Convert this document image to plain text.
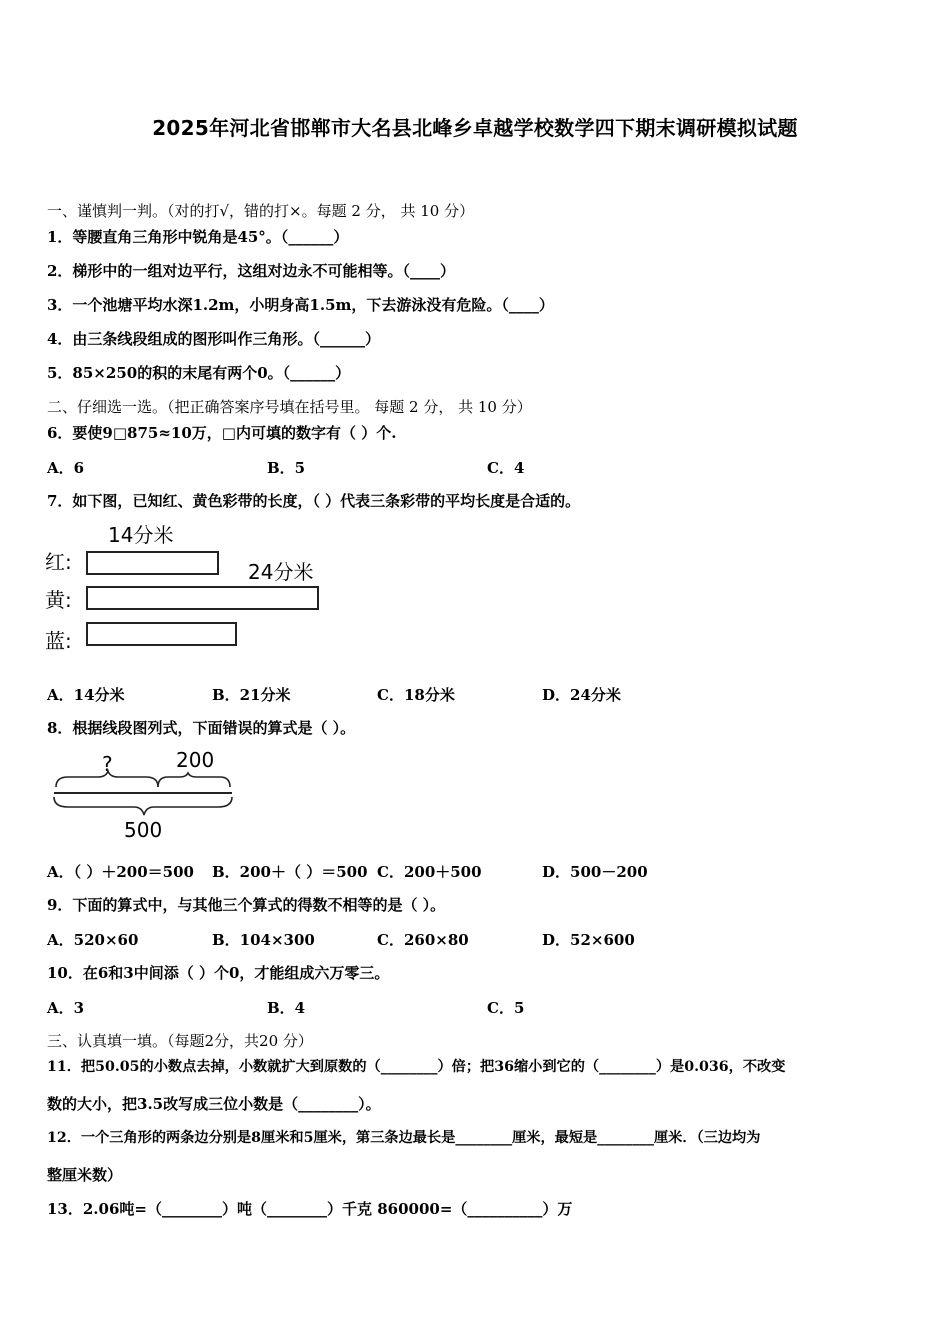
2025年河北省邯郸市大名县北峰乡卓越学校数学四下期末调研模拟试题
一、谨慎判一判。（对的打√，错的打×。每题 2 分， 共 10 分）
1．等腰直角三角形中锐角是45°。（______）
2．梯形中的一组对边平行，这组对边永不可能相等。（____）
3．一个池塘平均水深1.2m，小明身高1.5m，下去游泳没有危险。（____）
4．由三条线段组成的图形叫作三角形。（______）
5．85×250的积的末尾有两个0。（______）
二、仔细选一选。（把正确答案序号填在括号里。 每题 2 分， 共 10 分）
6．要使9□875≈10万，□内可填的数字有（ ）个.
A．6	B．5	C．4
7．如下图，已知红、黄色彩带的长度，（ ）代表三条彩带的平均长度是合适的。
14分米
红:	24分米
黄:
蓝:
A．14分米	B．21分米	C．18分米	D．24分米
8．根据线段图列式，下面错误的算式是（ ）。
?	200
500
A．（ ）＋200＝500 B．200＋（ ）＝500 C．200＋500	D．500－200
9．下面的算式中，与其他三个算式的得数不相等的是（ ）。
A．520×60	B．104×300	C．260×80	D．52×600
10．在6和3中间添（ ）个0，才能组成六万零三。
A．3	B．4	C．5
三、认真填一填。（每题2分，共20 分）
11．把50.05的小数点去掉，小数就扩大到原数的（________）倍；把36缩小到它的（________）是0.036，不改变
数的大小，把3.5改写成三位小数是（________）。
12．一个三角形的两条边分别是8厘米和5厘米，第三条边最长是________厘米，最短是________厘米．（三边均为
整厘米数）
13．2.06吨=（________）吨（________）千克 860000=（__________）万
